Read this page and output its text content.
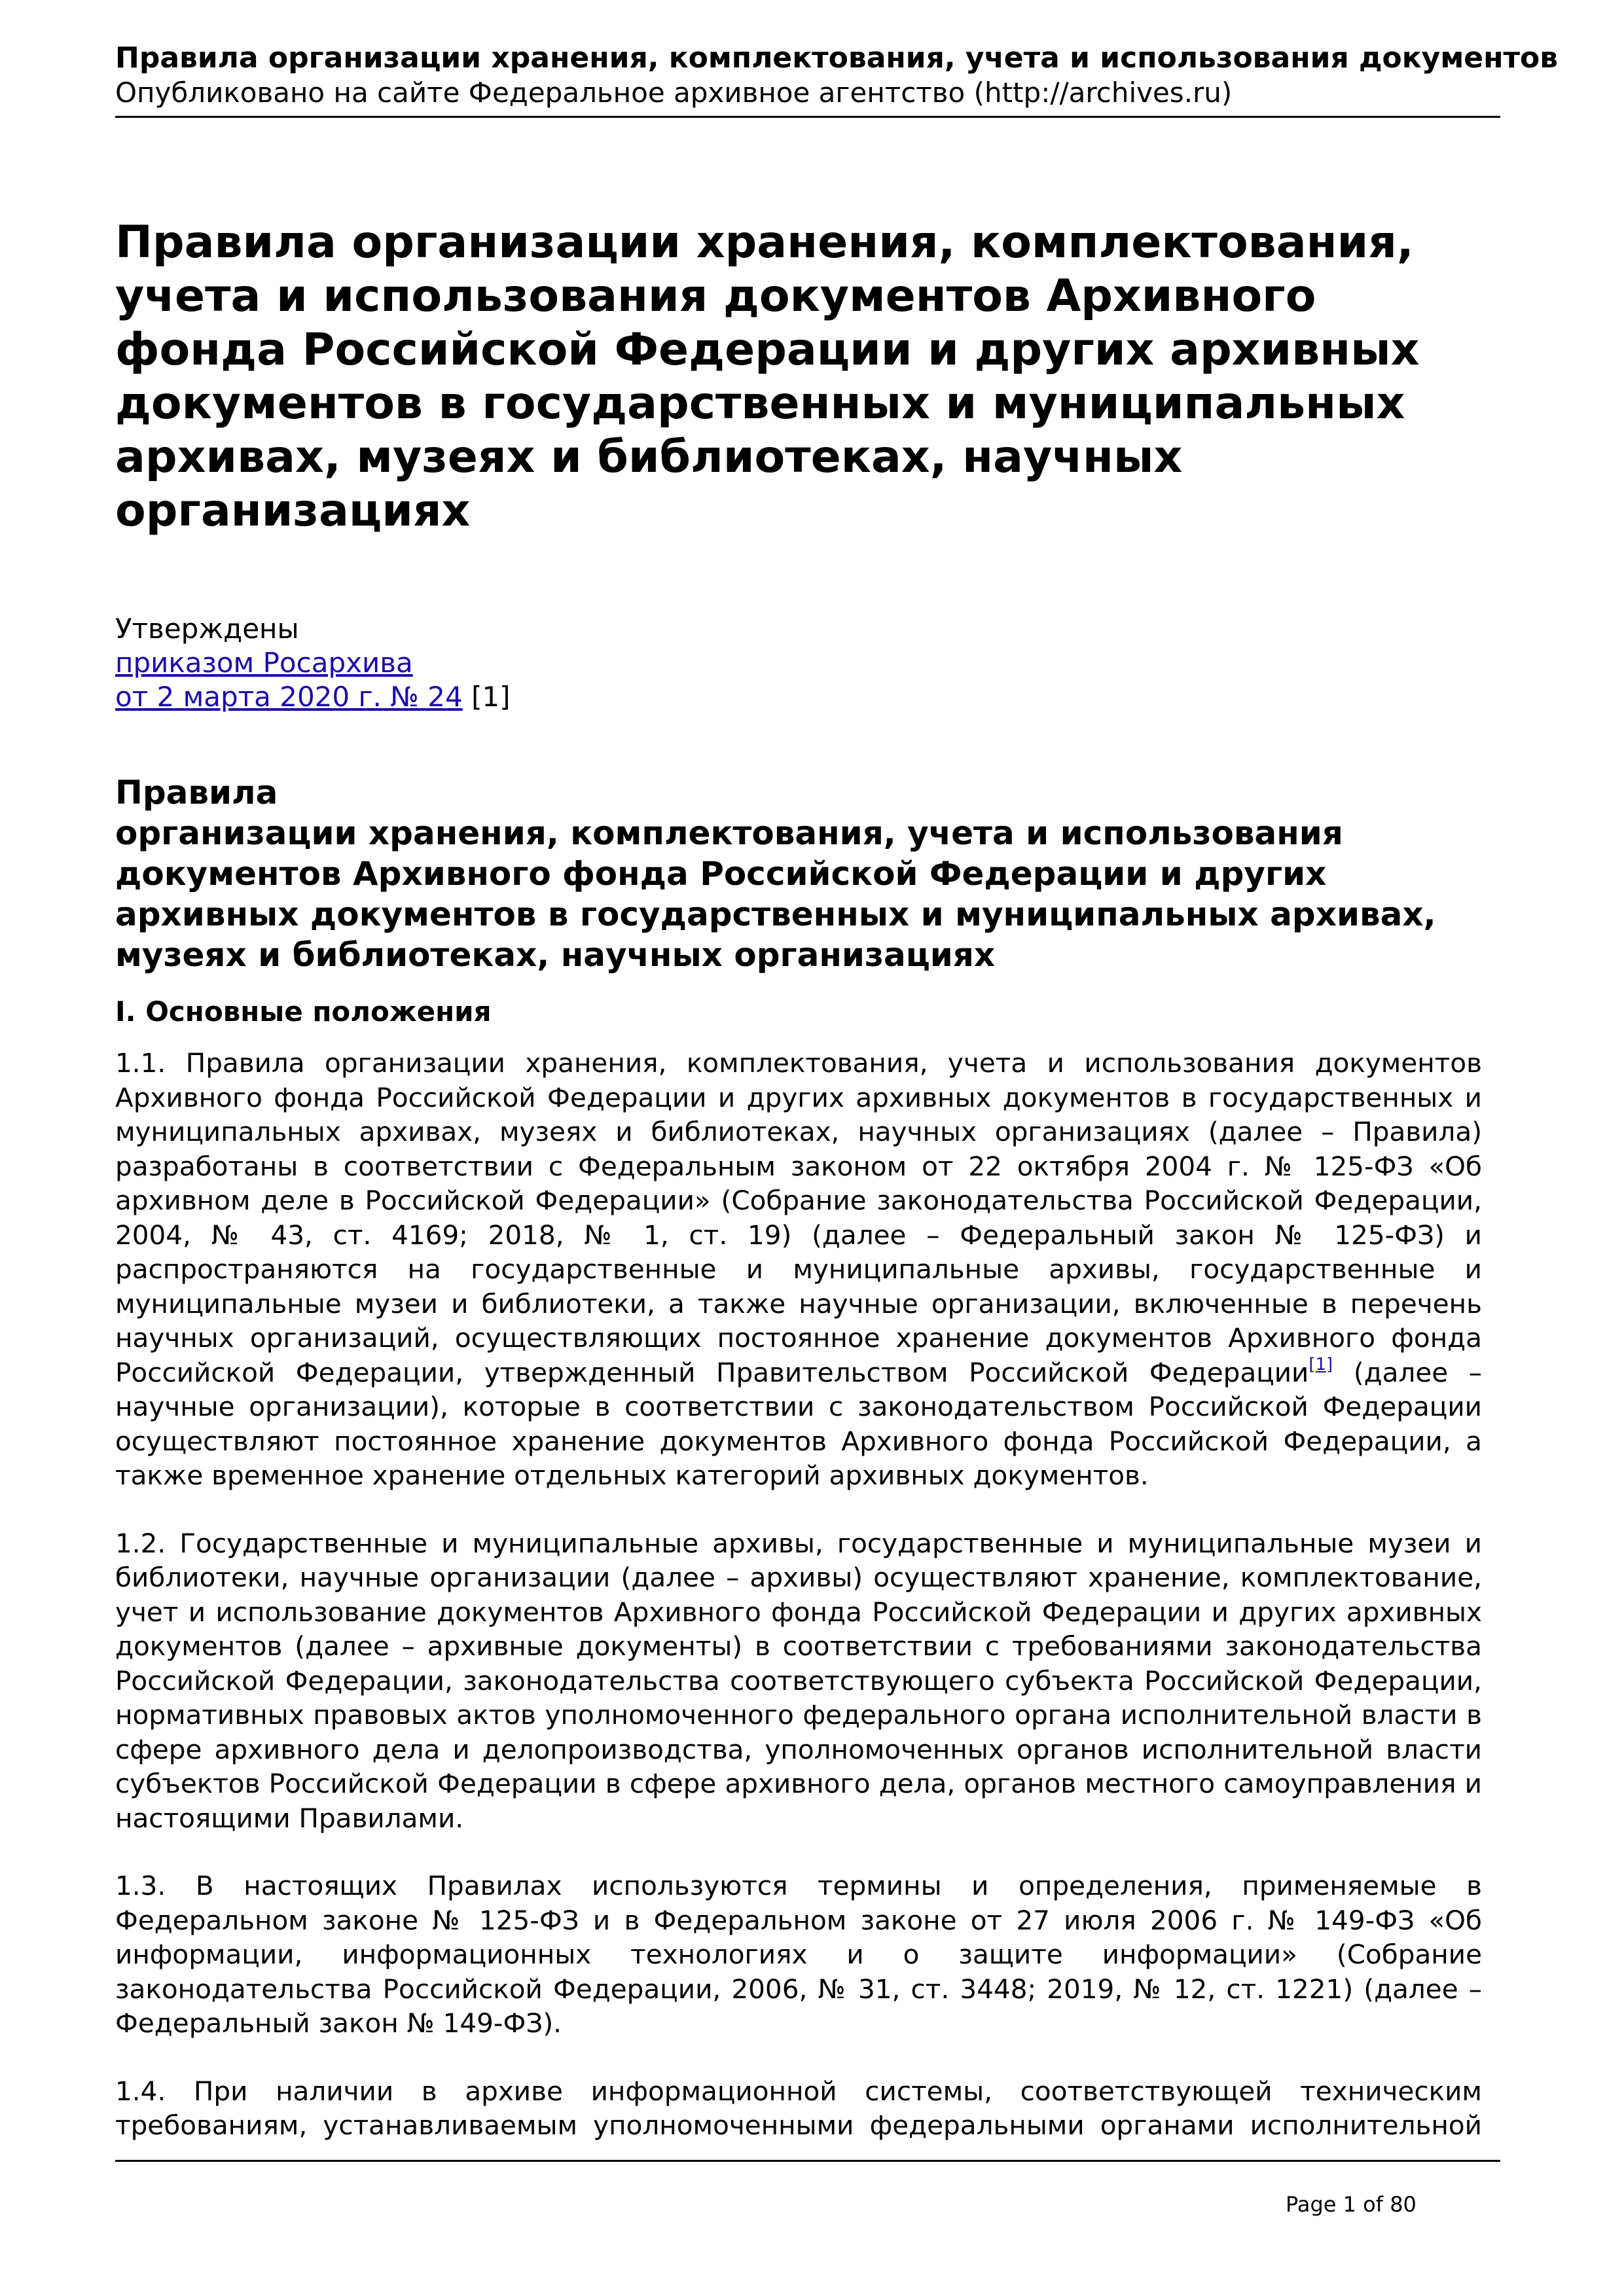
Правила организации хранения, комплектования, учета и использования документов
Опубликовано на сайте Федеральное архивное агентство (http://archives.ru)
Правила организации хранения, комплектования, учета и использования документов Архивного фонда Российской Федерации и других архивных документов в государственных и муниципальных архивах, музеях и библиотеках, научных организациях
Утверждены
приказом Росархива
от 2 марта 2020 г. № 24 [1]
Правила
организации хранения, комплектования, учета и использования документов Архивного фонда Российской Федерации и других архивных документов в государственных и муниципальных архивах, музеях и библиотеках, научных организациях
I. Основные положения

1.1. Правила организации хранения, комплектования, учета и использования документов Архивного фонда Российской Федерации и других архивных документов в государственных и муниципальных архивах, музеях и библиотеках, научных организациях (далее – Правила) разработаны в соответствии с Федеральным законом от 22 октября 2004 г. № 125-ФЗ «Об архивном деле в Российской Федерации» (Собрание законодательства Российской Федерации, 2004, № 43, ст. 4169; 2018, № 1, ст. 19) (далее – Федеральный закон № 125-ФЗ) и распространяются на государственные и муниципальные архивы, государственные и муниципальные музеи и библиотеки, а также научные организации, включенные в перечень научных организаций, осуществляющих постоянное хранение документов Архивного фонда Российской Федерации, утвержденный Правительством Российской Федерации[1] (далее – научные организации), которые в соответствии с законодательством Российской Федерации осуществляют постоянное хранение документов Архивного фонда Российской Федерации, а также временное хранение отдельных категорий архивных документов.

1.2. Государственные и муниципальные архивы, государственные и муниципальные музеи и библиотеки, научные организации (далее – архивы) осуществляют хранение, комплектование, учет и использование документов Архивного фонда Российской Федерации и других архивных документов (далее – архивные документы) в соответствии с требованиями законодательства Российской Федерации, законодательства соответствующего субъекта Российской Федерации, нормативных правовых актов уполномоченного федерального органа исполнительной власти в сфере архивного дела и делопроизводства, уполномоченных органов исполнительной власти субъектов Российской Федерации в сфере архивного дела, органов местного самоуправления и настоящими Правилами.

1.3. В настоящих Правилах используются термины и определения, применяемые в Федеральном законе № 125-ФЗ и в Федеральном законе от 27 июля 2006 г. № 149-ФЗ «Об информации, информационных технологиях и о защите информации» (Собрание законодательства Российской Федерации, 2006, № 31, ст. 3448; 2019, № 12, ст. 1221) (далее – Федеральный закон № 149-ФЗ).

1.4. При наличии в архиве информационной системы, соответствующей техническим требованиям, устанавливаемым уполномоченными федеральными органами исполнительной

Page 1 of 80
